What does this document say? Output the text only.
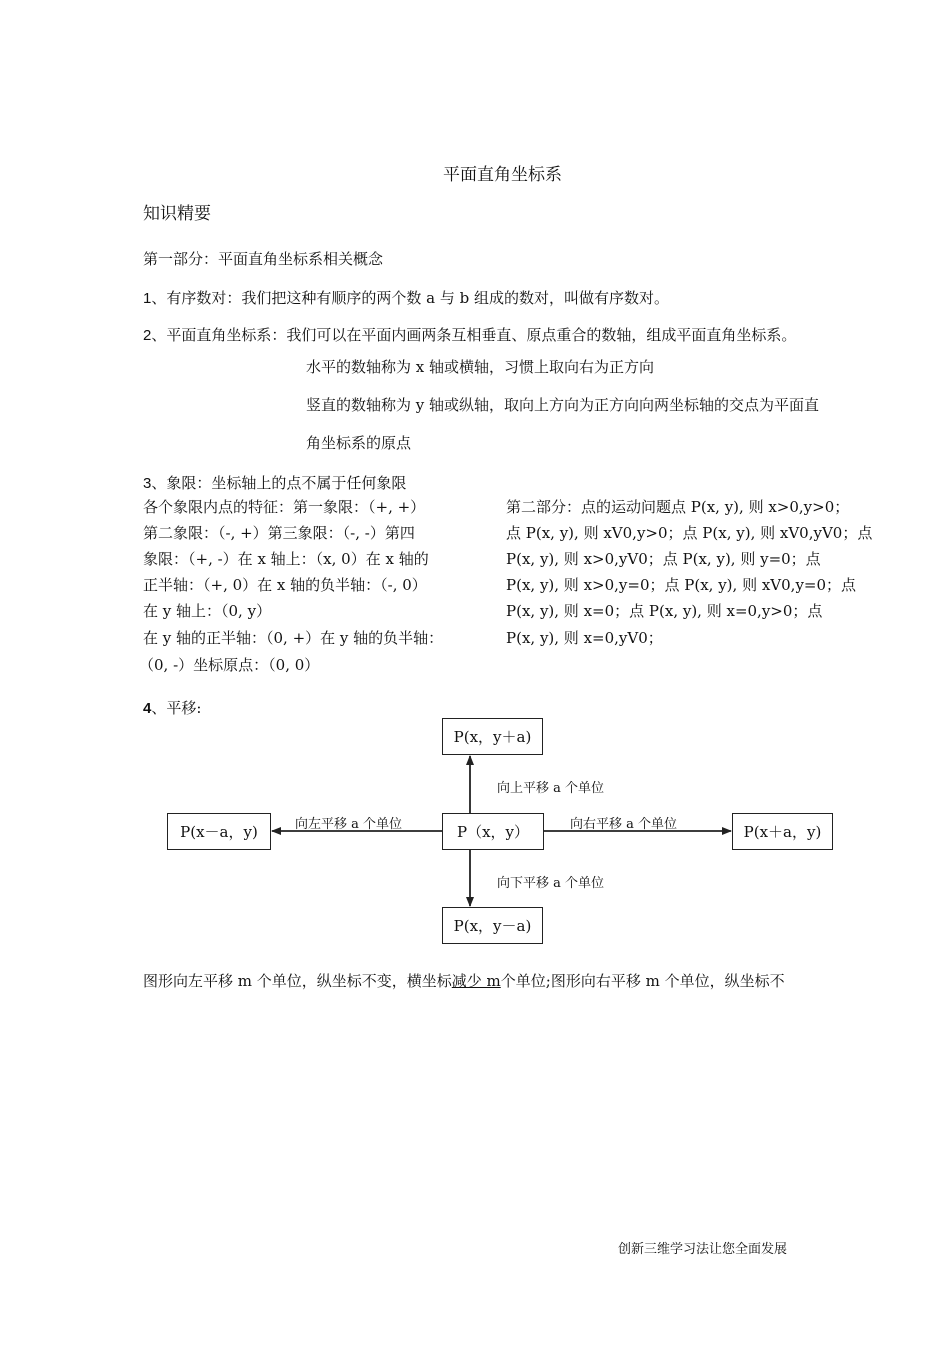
平面直角坐标系
知识精要
第一部分：平面直角坐标系相关概念
1、有序数对：我们把这种有顺序的两个数 a 与 b 组成的数对，叫做有序数对。
2、平面直角坐标系：我们可以在平面内画两条互相垂直、原点重合的数轴，组成平面直角坐标系。
水平的数轴称为 x 轴或横轴，习惯上取向右为正方向
竖直的数轴称为 y 轴或纵轴，取向上方向为正方向向两坐标轴的交点为平面直
角坐标系的原点
3、象限：坐标轴上的点不属于任何象限
各个象限内点的特征：第一象限：（+, +）
第二象限：（-, +）第三象限：（-, -）第四
象限：（+, -）在 x 轴上：（x, 0）在 x 轴的
正半轴：（+, 0）在 x 轴的负半轴：（-, 0）
在 y 轴上：（0, y）
在 y 轴的正半轴：（0, +）在 y 轴的负半轴：
（0, -）坐标原点：（0, 0）
第二部分：点的运动问题点 P(x, y), 则 x>0,y>0；
点 P(x, y), 则 xV0,y>0；点 P(x, y), 则 xV0,yV0；点
P(x, y), 则 x>0,yV0；点 P(x, y), 则 y=0；点
P(x, y), 则 x>0,y=0；点 P(x, y), 则 xV0,y=0；点
P(x, y), 则 x=0；点 P(x, y), 则 x=0,y>0；点
P(x, y), 则 x=0,yV0；
4、平移:
P(x，y＋a)
P（x，y）
P(x，y－a)
P(x－a，y)	P(x＋a，y)
向上平移 a 个单位
向下平移 a 个单位
向左平移 a 个单位	向右平移 a 个单位
图形向左平移 m 个单位，纵坐标不变，横坐标减少 m个单位;图形向右平移 m 个单位，纵坐标不
创新三维学习法让您全面发展
